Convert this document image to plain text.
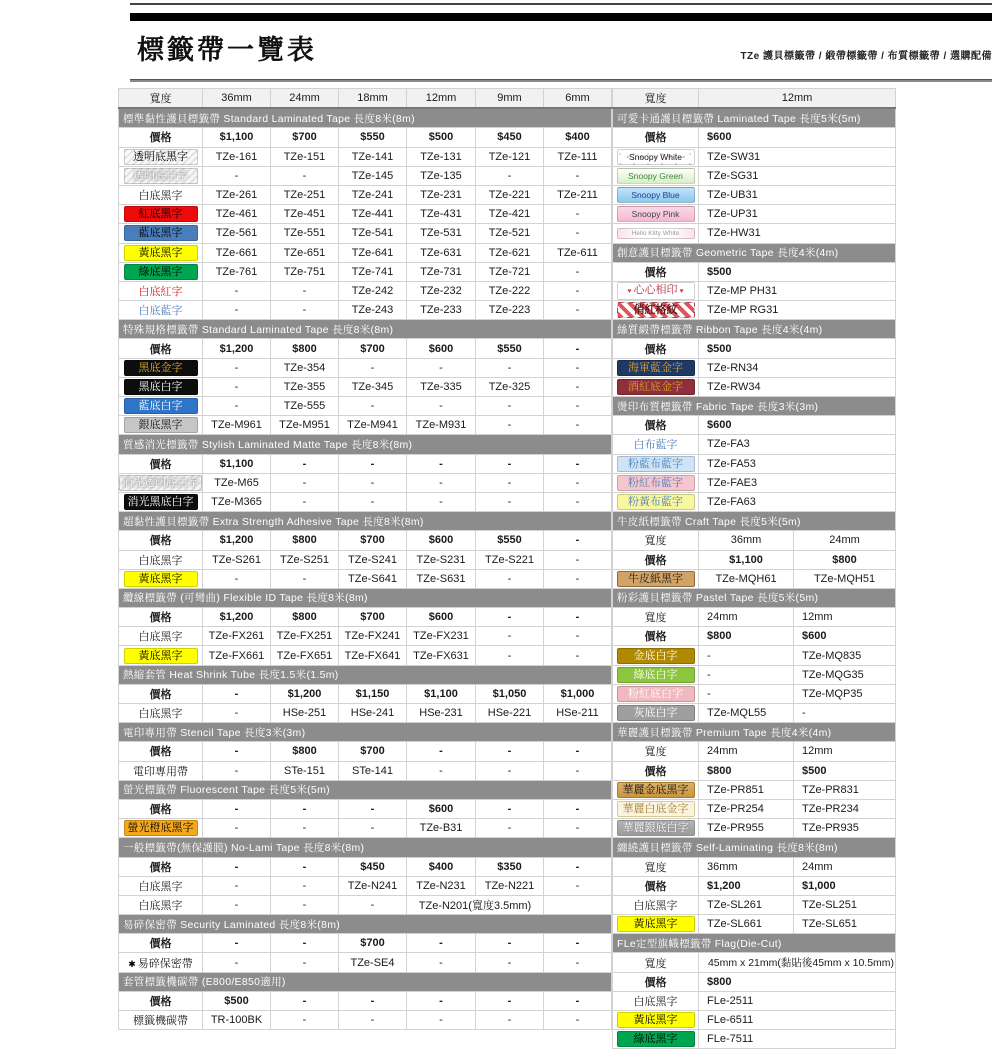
標籤帶一覽表	TZe 護貝標籤帶 / 緞帶標籤帶 / 布質標籤帶 / 選購配備
寬度	36mm	24mm	18mm	12mm	9mm	6mm
標準黏性護貝標籤帶 Standard Laminated Tape 長度8米(8m)						
價格	$1,100	$700	$550	$500	$450	$400
透明底黑字	TZe-161	TZe-151	TZe-141	TZe-131	TZe-121	TZe-111
透明底白字	-	-	TZe-145	TZe-135	-	-
白底黑字	TZe-261	TZe-251	TZe-241	TZe-231	TZe-221	TZe-211
紅底黑字	TZe-461	TZe-451	TZe-441	TZe-431	TZe-421	-
藍底黑字	TZe-561	TZe-551	TZe-541	TZe-531	TZe-521	-
黃底黑字	TZe-661	TZe-651	TZe-641	TZe-631	TZe-621	TZe-611
綠底黑字	TZe-761	TZe-751	TZe-741	TZe-731	TZe-721	-
白底紅字	-	-	TZe-242	TZe-232	TZe-222	-
白底藍字	-	-	TZe-243	TZe-233	TZe-223	-
特殊規格標籤帶 Standard Laminated Tape 長度8米(8m)						
價格	$1,200	$800	$700	$600	$550	-
黑底金字	-	TZe-354	-	-	-	-
黑底白字	-	TZe-355	TZe-345	TZe-335	TZe-325	-
藍底白字	-	TZe-555	-	-	-	-
銀底黑字	TZe-M961	TZe-M951	TZe-M941	TZe-M931	-	-
質感消光標籤帶 Stylish Laminated Matte Tape 長度8米(8m)						
價格	$1,100	-	-	-	-	-
消光透明底白字	TZe-M65	-	-	-	-	-
消光黑底白字	TZe-M365	-	-	-	-	-
超黏性護貝標籤帶 Extra Strength Adhesive Tape 長度8米(8m)						
價格	$1,200	$800	$700	$600	$550	-
白底黑字	TZe-S261	TZe-S251	TZe-S241	TZe-S231	TZe-S221	-
黃底黑字	-	-	TZe-S641	TZe-S631	-	-
纜線標籤帶 (可彎曲) Flexible ID Tape 長度8米(8m)						
價格	$1,200	$800	$700	$600	-	-
白底黑字	TZe-FX261	TZe-FX251	TZe-FX241	TZe-FX231	-	-
黃底黑字	TZe-FX661	TZe-FX651	TZe-FX641	TZe-FX631	-	-
熱縮套管 Heat Shrink Tube 長度1.5米(1.5m)						
價格	-	$1,200	$1,150	$1,100	$1,050	$1,000
白底黑字	-	HSe-251	HSe-241	HSe-231	HSe-221	HSe-211
電印專用帶 Stencil Tape 長度3米(3m)						
價格	-	$800	$700	-	-	-
電印專用帶	-	STe-151	STe-141	-	-	-
螢光標籤帶 Fluorescent Tape 長度5米(5m)						
價格	-	-	-	$600	-	-
螢光橙底黑字	-	-	-	TZe-B31	-	-
一般標籤帶(無保護膜) No-Lami Tape 長度8米(8m)						
價格	-	-	$450	$400	$350	-
白底黑字	-	-	TZe-N241	TZe-N231	TZe-N221	-
白底黑字	-	-	-	TZe-N201(寬度3.5mm)		
易碎保密帶 Security Laminated 長度8米(8m)						
價格	-	-	$700	-	-	-
✱ 易碎保密帶	-	-	TZe-SE4	-	-	-
套管標籤機碳帶 (E800/E850適用)						
價格	$500	-	-	-	-	-
標籤機碳帶	TR-100BK	-	-	-	-	-
寬度	12mm	
可愛卡通護貝標籤帶 Laminated Tape 長度5米(5m)		
價格	$600	
Snoopy White	TZe-SW31	
Snoopy Green	TZe-SG31	
Snoopy Blue	TZe-UB31	
Snoopy Pink	TZe-UP31	
Hello Kitty White	TZe-HW31	
創意護貝標籤帶 Geometric Tape 長度4米(4m)		
價格	$500	
♥ 心心相印 ♥	TZe-MP PH31	
俏紅格紋	TZe-MP RG31	
絲質緞帶標籤帶 Ribbon Tape 長度4米(4m)		
價格	$500	
海軍藍金字	TZe-RN34	
酒紅底金字	TZe-RW34	
燙印布質標籤帶 Fabric Tape 長度3米(3m)		
價格	$600	
白布藍字	TZe-FA3	
粉藍布藍字	TZe-FA53	
粉紅布藍字	TZe-FAE3	
粉黃布藍字	TZe-FA63	
牛皮紙標籤帶 Craft Tape 長度5米(5m)		
寬度	36mm	24mm
價格	$1,100	$800
牛皮紙黑字	TZe-MQH61	TZe-MQH51
粉彩護貝標籤帶 Pastel Tape 長度5米(5m)		
寬度	24mm	12mm
價格	$800	$600
金底白字	-	TZe-MQ835
綠底白字	-	TZe-MQG35
粉紅底白字	-	TZe-MQP35
灰底白字	TZe-MQL55	-
華麗護貝標籤帶 Premium Tape 長度4米(4m)		
寬度	24mm	12mm
價格	$800	$500
華麗金底黑字	TZe-PR851	TZe-PR831
華麗白底金字	TZe-PR254	TZe-PR234
華麗銀底白字	TZe-PR955	TZe-PR935
纏繞護貝標籤帶 Self-Laminating 長度8米(8m)		
寬度	36mm	24mm
價格	$1,200	$1,000
白底黑字	TZe-SL261	TZe-SL251
黃底黑字	TZe-SL661	TZe-SL651
FLe定型旗幟標籤帶 Flag(Die-Cut)		
寬度	45mm x 21mm(黏貼後45mm x 10.5mm)	
價格	$800	
白底黑字	FLe-2511	
黃底黑字	FLe-6511	
綠底黑字	FLe-7511	
